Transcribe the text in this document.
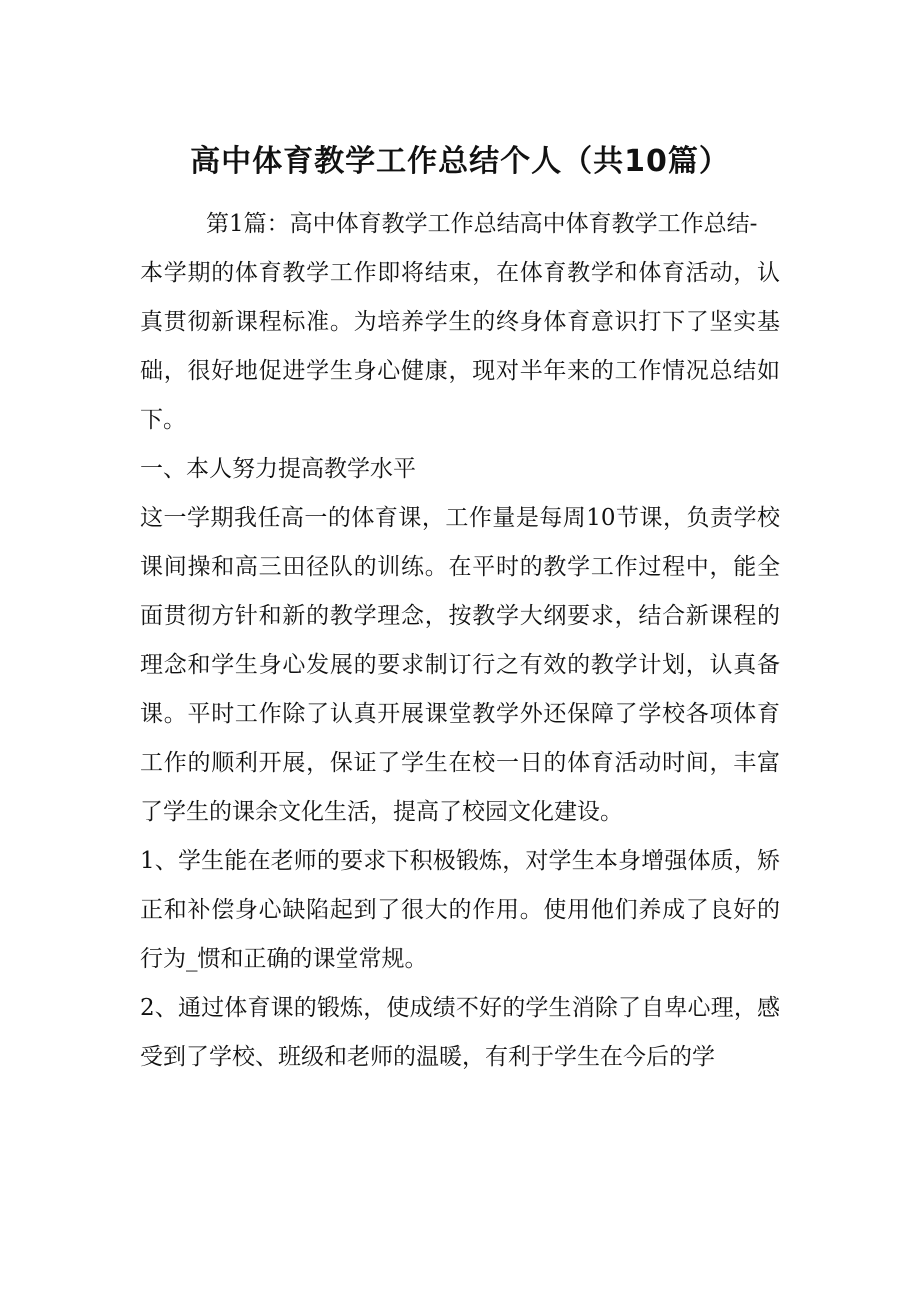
高中体育教学工作总结个人（共10篇）

第1篇：高中体育教学工作总结高中体育教学工作总结-

本学期的体育教学工作即将结束，在体育教学和体育活动，认真贯彻新课程标准。为培养学生的终身体育意识打下了坚实基础，很好地促进学生身心健康，现对半年来的工作情况总结如下。

一、本人努力提高教学水平

这一学期我任高一的体育课，工作量是每周10节课，负责学校课间操和高三田径队的训练。在平时的教学工作过程中，能全面贯彻方针和新的教学理念，按教学大纲要求，结合新课程的理念和学生身心发展的要求制订行之有效的教学计划，认真备课。平时工作除了认真开展课堂教学外还保障了学校各项体育工作的顺利开展，保证了学生在校一日的体育活动时间，丰富了学生的课余文化生活，提高了校园文化建设。

1、学生能在老师的要求下积极锻炼，对学生本身增强体质，矫正和补偿身心缺陷起到了很大的作用。使用他们养成了良好的行为_惯和正确的课堂常规。

2、通过体育课的锻炼，使成绩不好的学生消除了自卑心理，感受到了学校、班级和老师的温暖，有利于学生在今后的学
